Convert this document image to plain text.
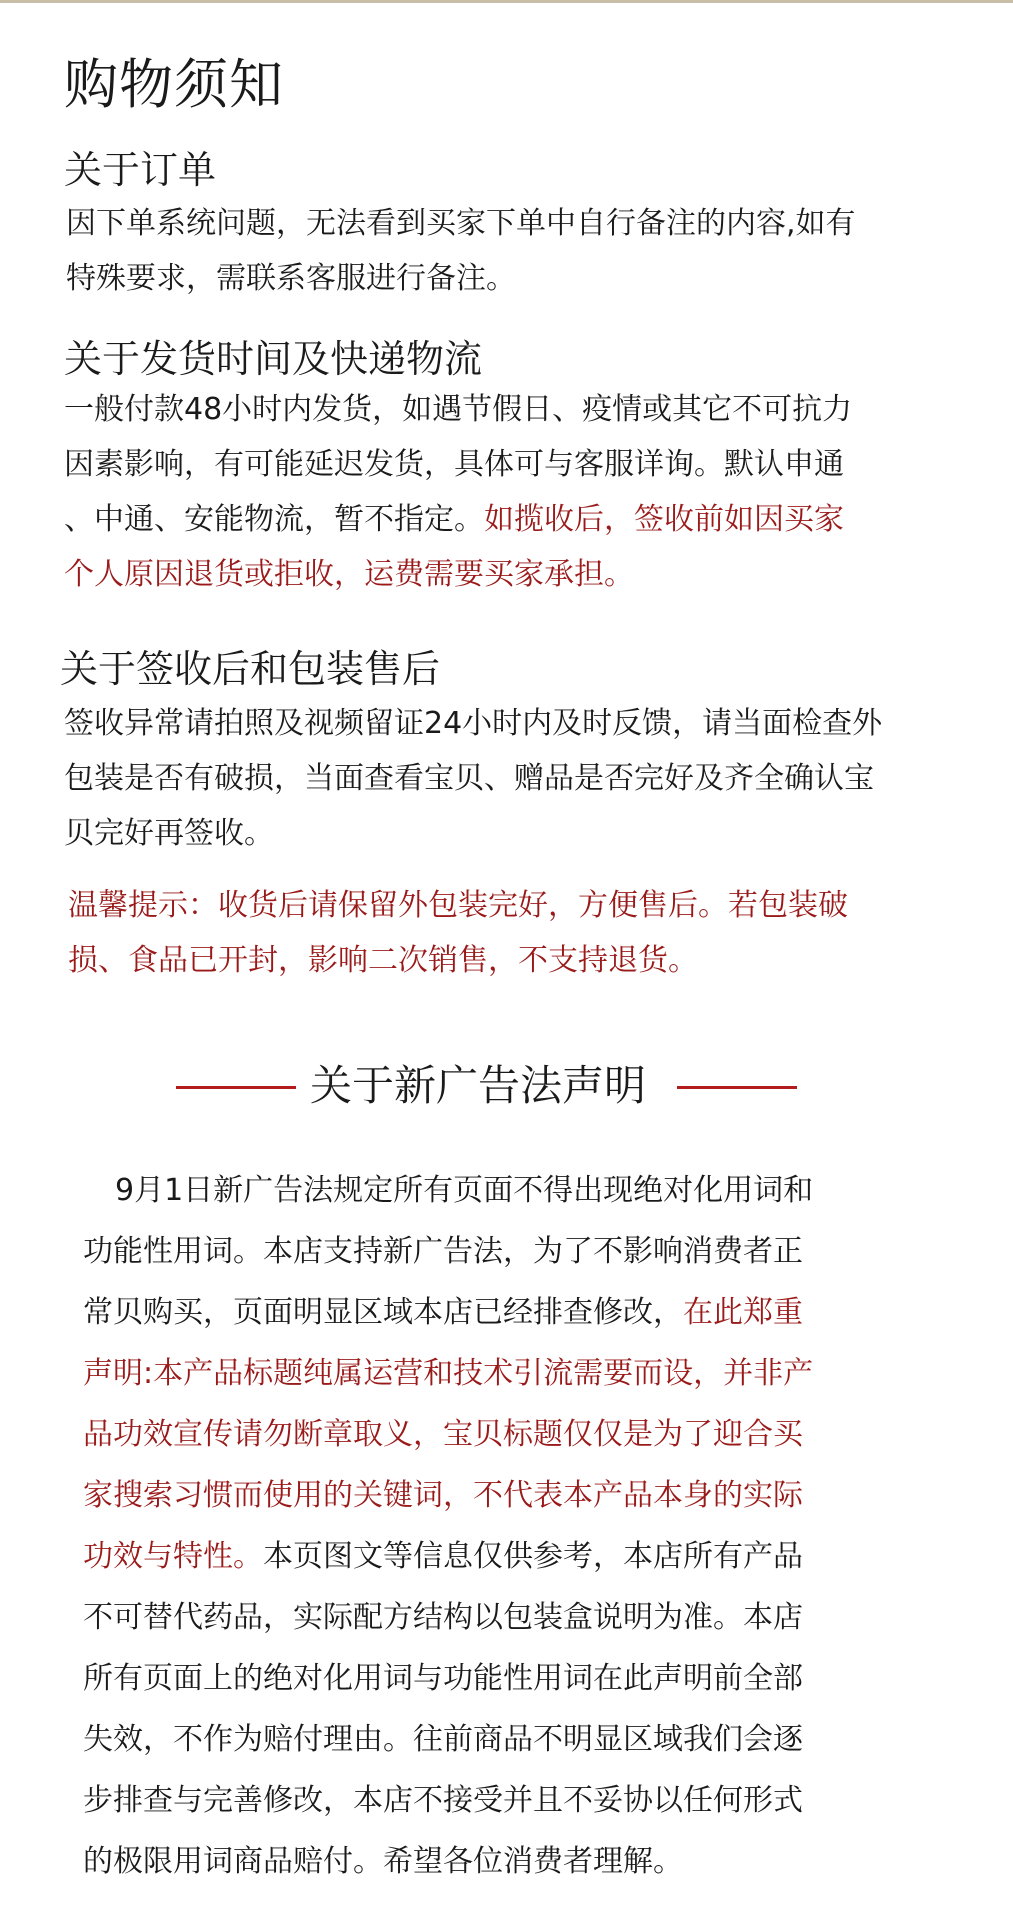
购物须知
关于订单

因下单系统问题，无法看到买家下单中自行备注的内容,如有
特殊要求，需联系客服进行备注。

关于发货时间及快递物流

一般付款48小时内发货，如遇节假日、疫情或其它不可抗力
因素影响，有可能延迟发货，具体可与客服详询。默认申通
、中通、安能物流，暂不指定。如揽收后，签收前如因买家
个人原因退货或拒收，运费需要买家承担。

关于签收后和包装售后

签收异常请拍照及视频留证24小时内及时反馈，请当面检查外
包装是否有破损，当面查看宝贝、赠品是否完好及齐全确认宝
贝完好再签收。

温馨提示：收货后请保留外包装完好，方便售后。若包装破
损、食品已开封，影响二次销售，不支持退货。

关于新广告法声明

9月1日新广告法规定所有页面不得出现绝对化用词和
功能性用词。本店支持新广告法，为了不影响消费者正
常贝购买，页面明显区域本店已经排查修改，在此郑重
声明:本产品标题纯属运营和技术引流需要而设，并非产
品功效宣传请勿断章取义，宝贝标题仅仅是为了迎合买
家搜索习惯而使用的关键词，不代表本产品本身的实际
功效与特性。本页图文等信息仅供参考，本店所有产品
不可替代药品，实际配方结构以包装盒说明为准。本店
所有页面上的绝对化用词与功能性用词在此声明前全部
失效，不作为赔付理由。往前商品不明显区域我们会逐
步排查与完善修改，本店不接受并且不妥协以任何形式
的极限用词商品赔付。希望各位消费者理解。
